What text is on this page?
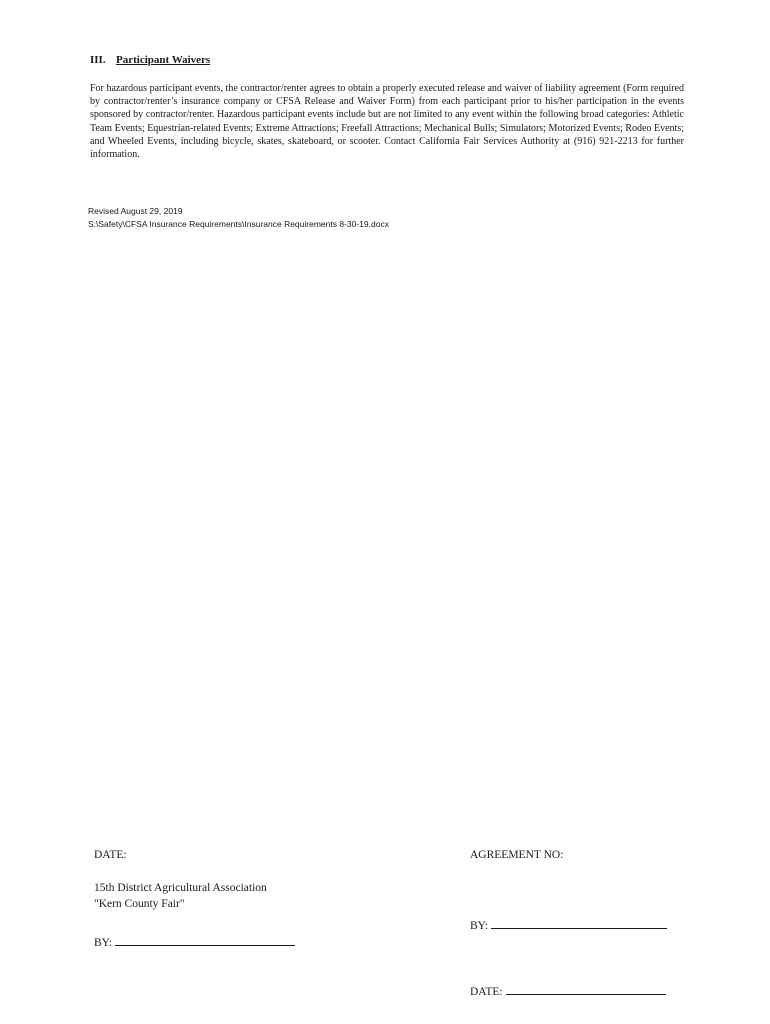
III. Participant Waivers

For hazardous participant events, the contractor/renter agrees to obtain a properly executed release and waiver of liability agreement (Form required by contractor/renter’s insurance company or CFSA Release and Waiver Form) from each participant prior to his/her participation in the events sponsored by contractor/renter. Hazardous participant events include but are not limited to any event within the following broad categories: Athletic Team Events; Equestrian-related Events; Extreme Attractions; Freefall Attractions; Mechanical Bulls; Simulators; Motorized Events; Rodeo Events; and Wheeled Events, including bicycle, skates, skateboard, or scooter. Contact California Fair Services Authority at (916) 921-2213 for further information.

Revised August 29, 2019
S:\Safety\CFSA Insurance Requirements\Insurance Requirements 8-30-19.docx
DATE:	AGREEMENT NO:
15th District Agricultural Association
"Kern County Fair"
BY:
BY:
DATE:
